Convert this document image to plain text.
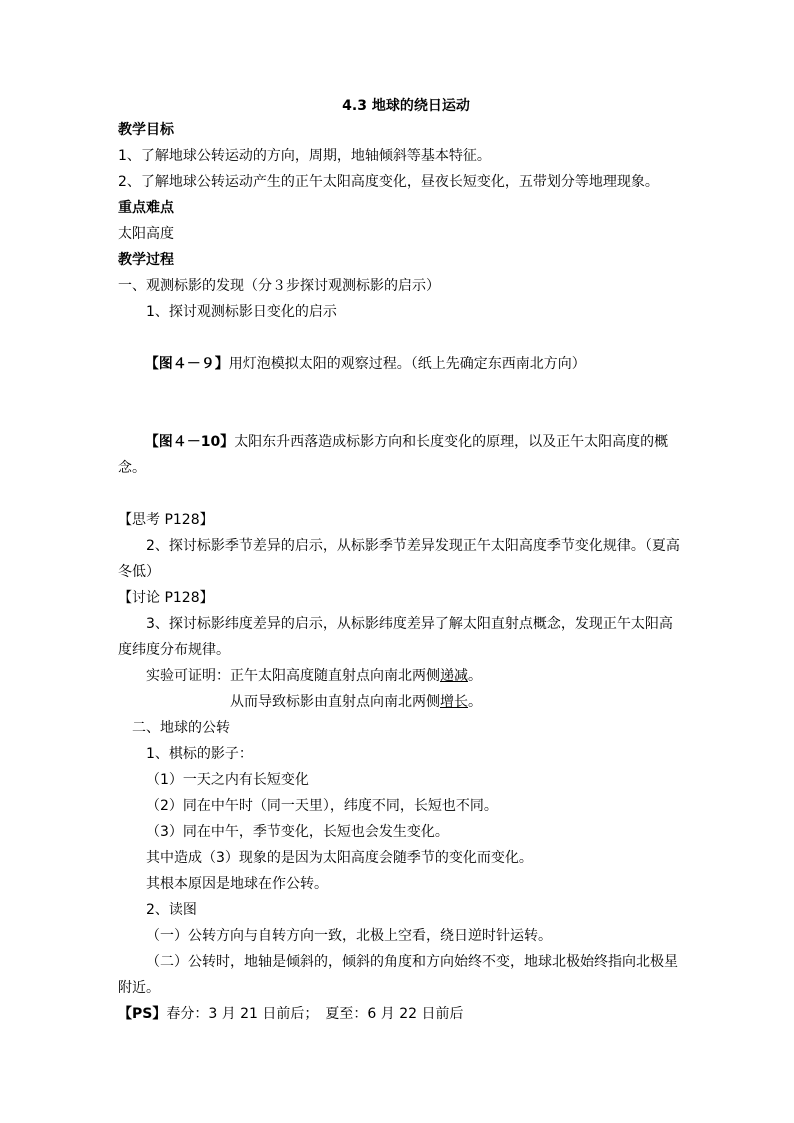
4.3 地球的绕日运动
教学目标
1、了解地球公转运动的方向，周期，地轴倾斜等基本特征。
2、了解地球公转运动产生的正午太阳高度变化，昼夜长短变化，五带划分等地理现象。
重点难点
太阳高度
教学过程
一、观测标影的发现（分３步探讨观测标影的启示）
1、探讨观测标影日变化的启示

【图４－９】用灯泡模拟太阳的观察过程。（纸上先确定东西南北方向）

【图４－10】太阳东升西落造成标影方向和长度变化的原理，以及正午太阳高度的概念。

【思考 P128】
2、探讨标影季节差异的启示，从标影季节差异发现正午太阳高度季节变化规律。（夏高冬低）
【讨论 P128】
3、探讨标影纬度差异的启示，从标影纬度差异了解太阳直射点概念，发现正午太阳高度纬度分布规律。
实验可证明：正午太阳高度随直射点向南北两侧递减。
从而导致标影由直射点向南北两侧增长。
二、地球的公转
1、棋标的影子：
（1）一天之内有长短变化
（2）同在中午时（同一天里），纬度不同，长短也不同。
（3）同在中午，季节变化，长短也会发生变化。
其中造成（3）现象的是因为太阳高度会随季节的变化而变化。
其根本原因是地球在作公转。
2、读图
（一）公转方向与自转方向一致，北极上空看，绕日逆时针运转。
（二）公转时，地轴是倾斜的，倾斜的角度和方向始终不变，地球北极始终指向北极星附近。
【PS】春分：3 月 21 日前后；　夏至：6 月 22 日前后
